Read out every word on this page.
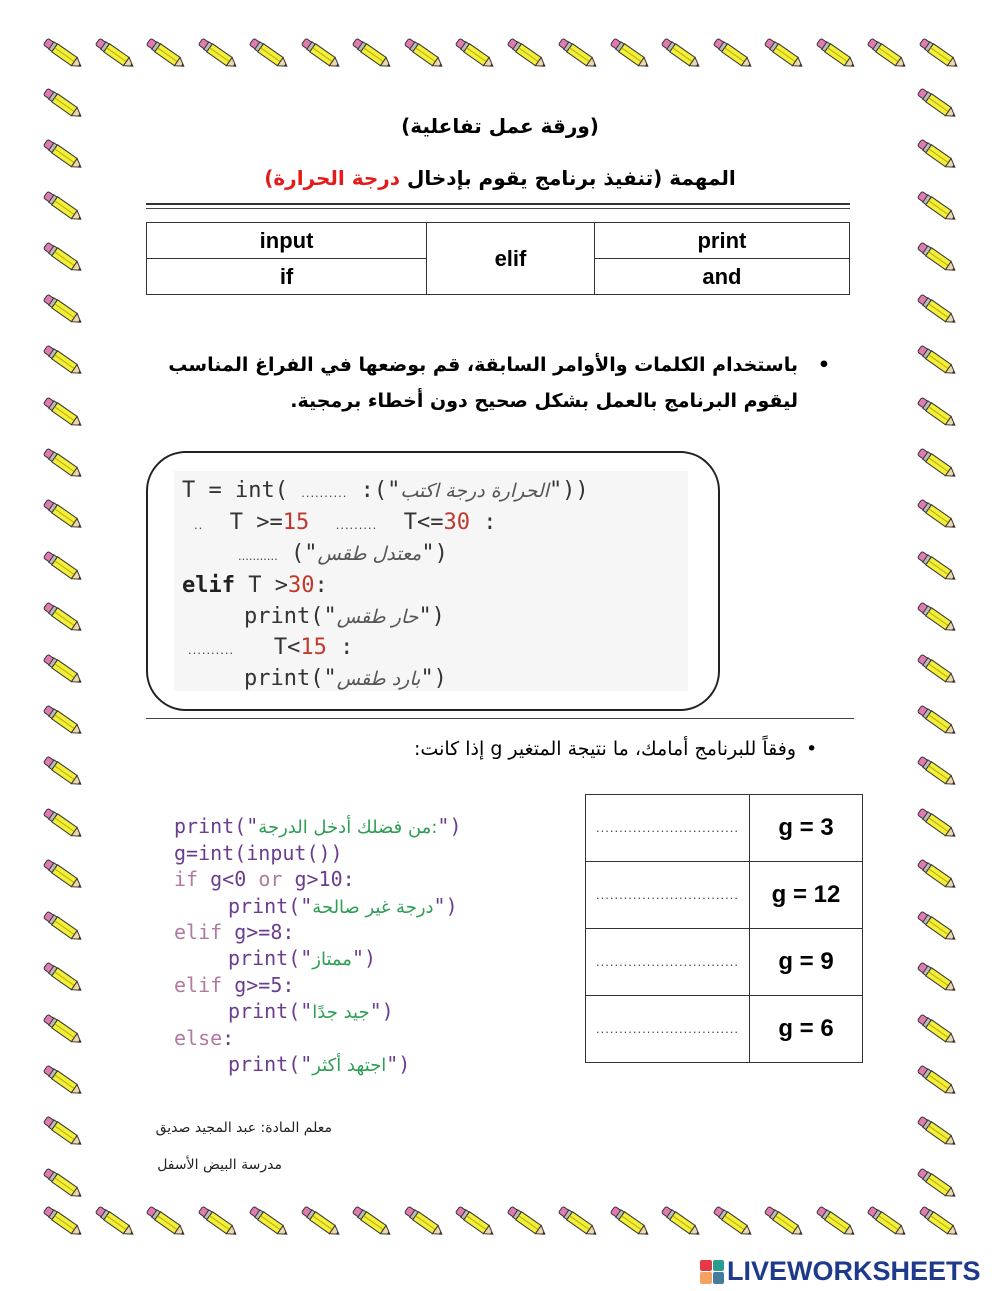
(ورقة عمل تفاعلية)
المهمة (تنفيذ برنامج يقوم بإدخال درجة الحرارة)
input	elif	print
if		and
•
باستخدام الكلمات والأوامر السابقة، قم بوضعها في الفراغ المناسب
ليقوم البرنامج بالعمل بشكل صحيح دون أخطاء برمجية.
T = int( .......... :("الحرارة درجة اكتب"))
.. T >=15 ......... T<=30 :
........... ("معتدل طقس")
elif T >30:
print("حار طقس")
.......... T<15 :
print("بارد طقس")
•
وفقاً للبرنامج أمامك، ما نتيجة المتغير g إذا كانت:
print("من فضلك أدخل الدرجة:")
g=int(input())
if g<0 or g>10:
print("درجة غير صالحة")
elif g>=8:
print("ممتاز")
elif g>=5:
print("جيد جدًا")
else:
print("اجتهد أكثر")
...............................	g = 3
...............................	g = 12
...............................	g = 9
...............................	g = 6
معلم المادة: عبد المجيد صديق
مدرسة البيض الأسفل
LIVEWORKSHEETS
